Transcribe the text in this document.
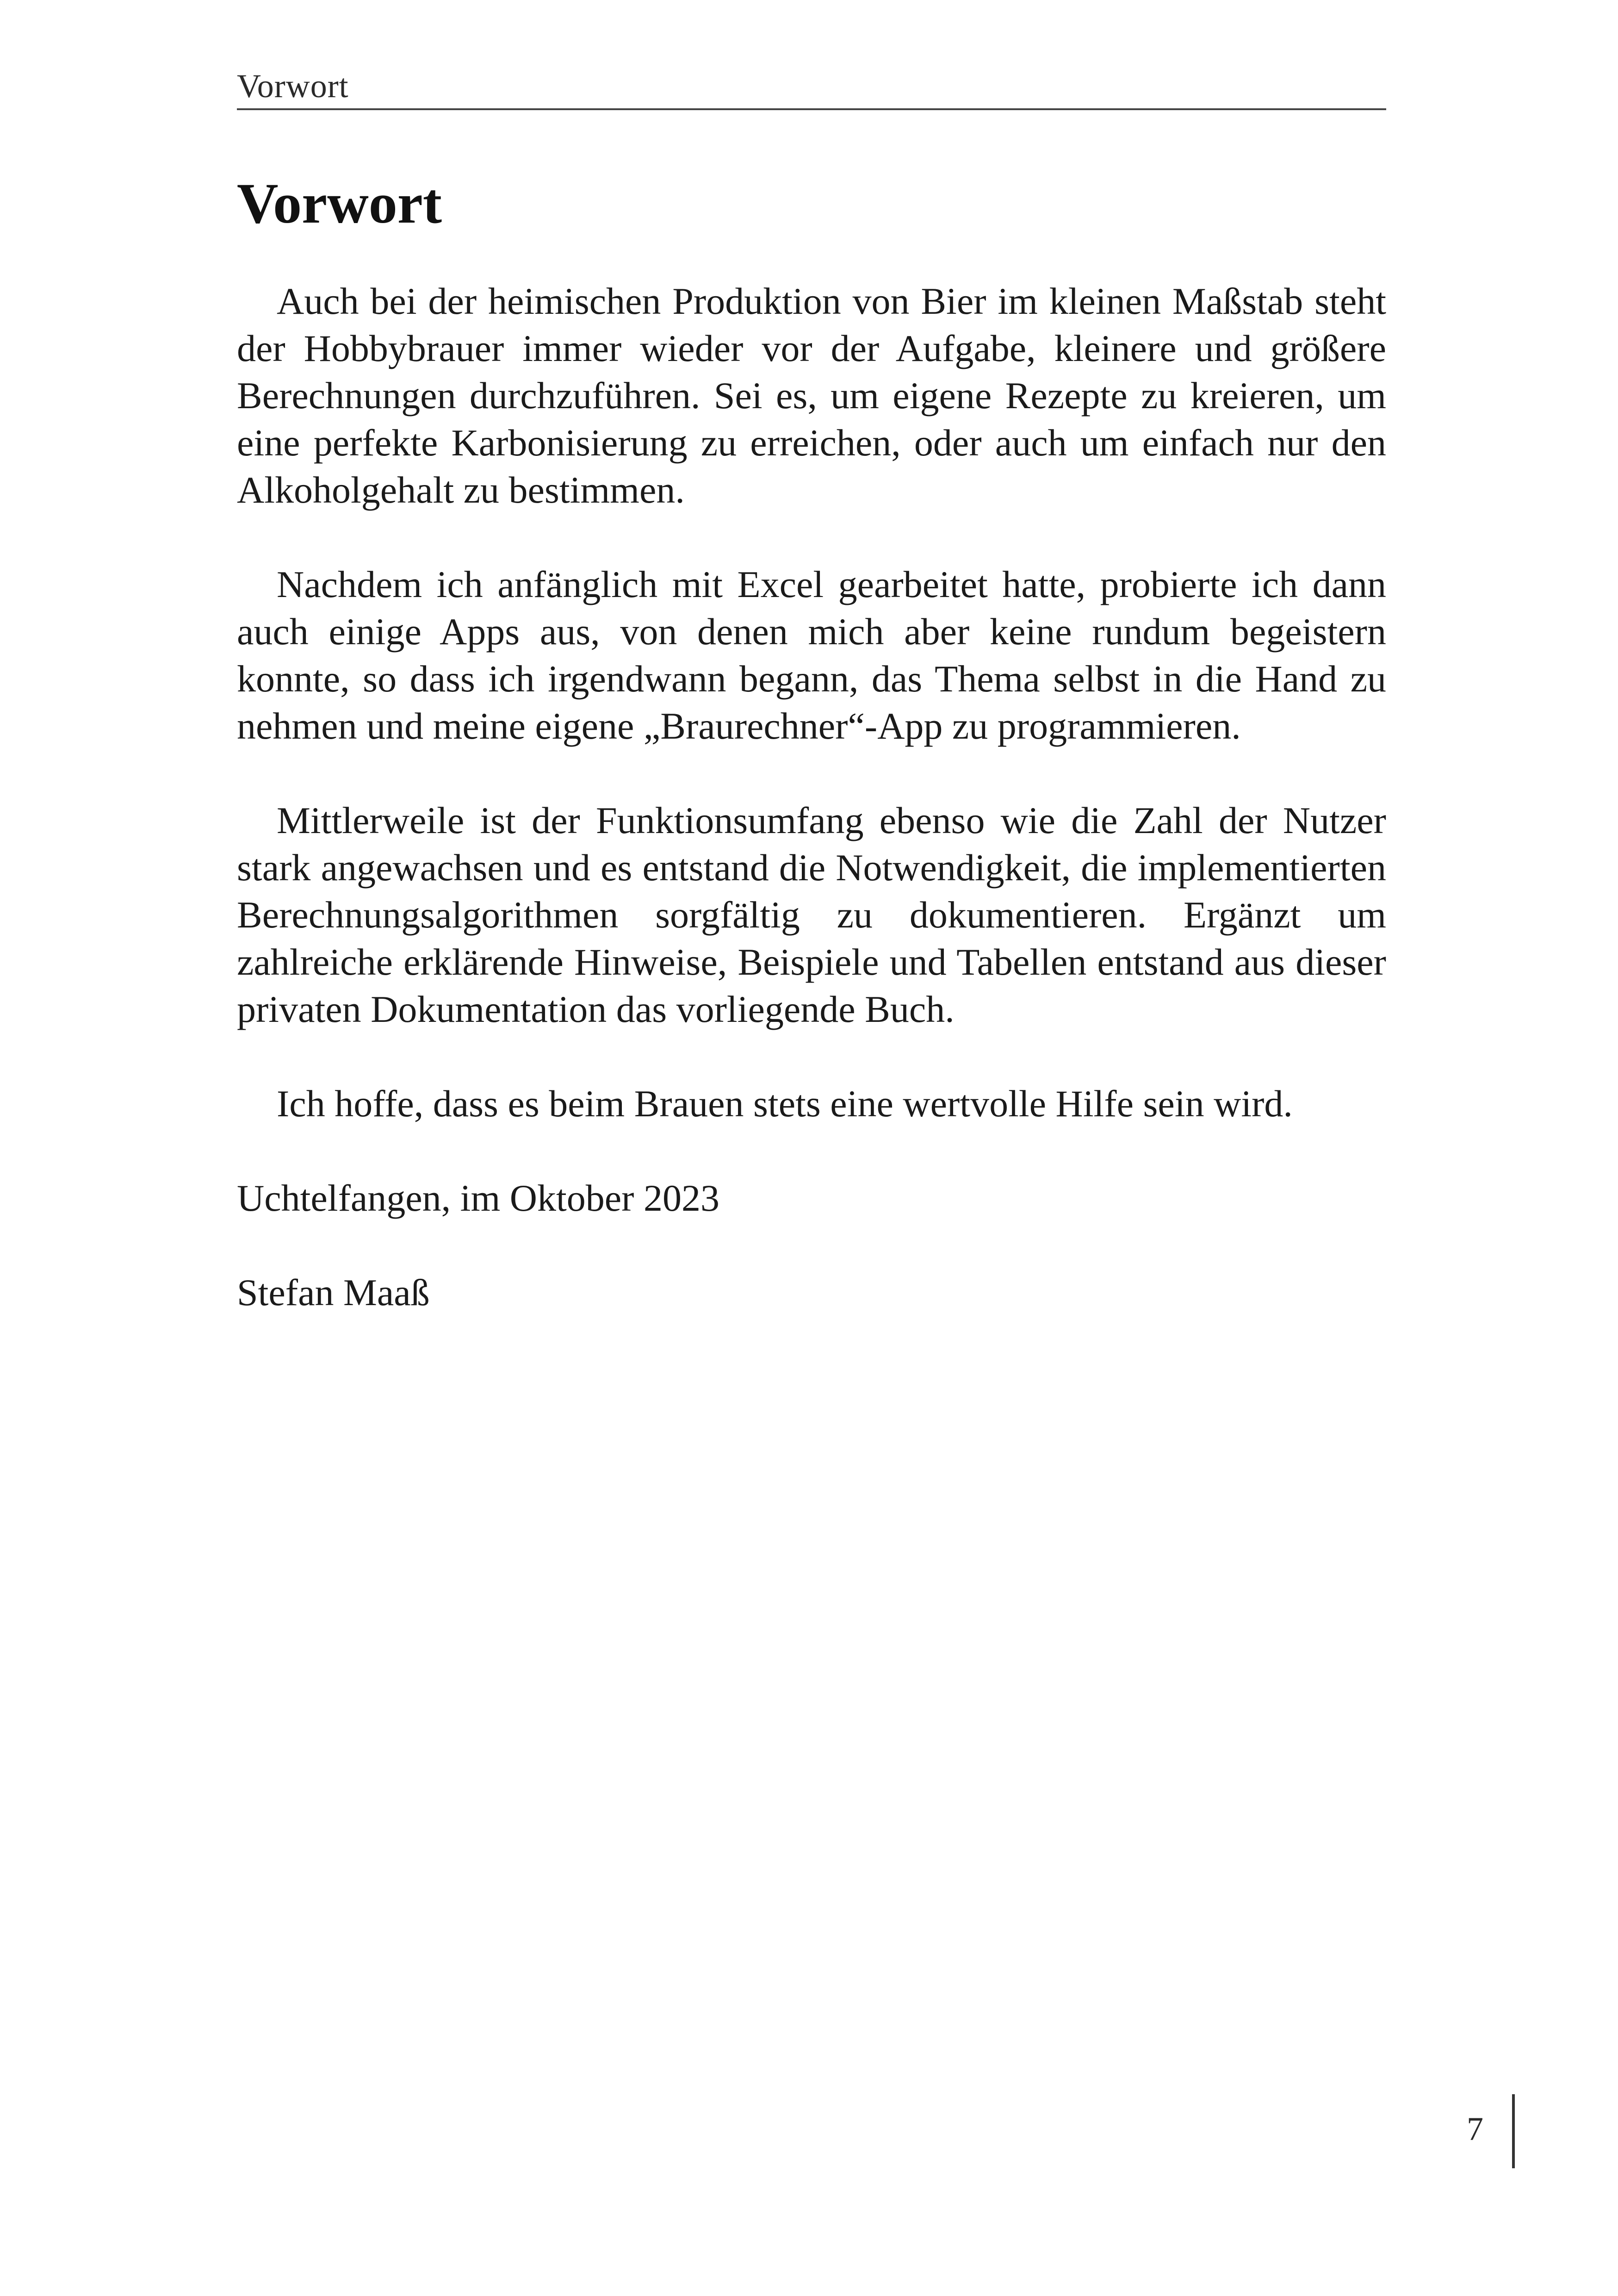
Vorwort
Vorwort

Auch bei der heimischen Produktion von Bier im kleinen Maßstab steht der Hobbybrauer immer wieder vor der Aufgabe, kleinere und größere Berechnungen durchzuführen. Sei es, um eigene Rezepte zu kreieren, um eine perfekte Karbonisierung zu erreichen, oder auch um einfach nur den Alkoholgehalt zu bestimmen.

Nachdem ich anfänglich mit Excel gearbeitet hatte, probierte ich dann auch einige Apps aus, von denen mich aber keine rundum begeistern konnte, so dass ich irgendwann begann, das Thema selbst in die Hand zu nehmen und meine eigene „Braurechner“-App zu programmieren.

Mittlerweile ist der Funktionsumfang ebenso wie die Zahl der Nutzer stark angewachsen und es entstand die Notwendigkeit, die implementierten Berechnungsalgorithmen sorgfältig zu dokumentieren. Ergänzt um zahlreiche erklärende Hinweise, Beispiele und Tabellen entstand aus dieser privaten Dokumentation das vorliegende Buch.

Ich hoffe, dass es beim Brauen stets eine wertvolle Hilfe sein wird.

Uchtelfangen, im Oktober 2023

Stefan Maaß

7
